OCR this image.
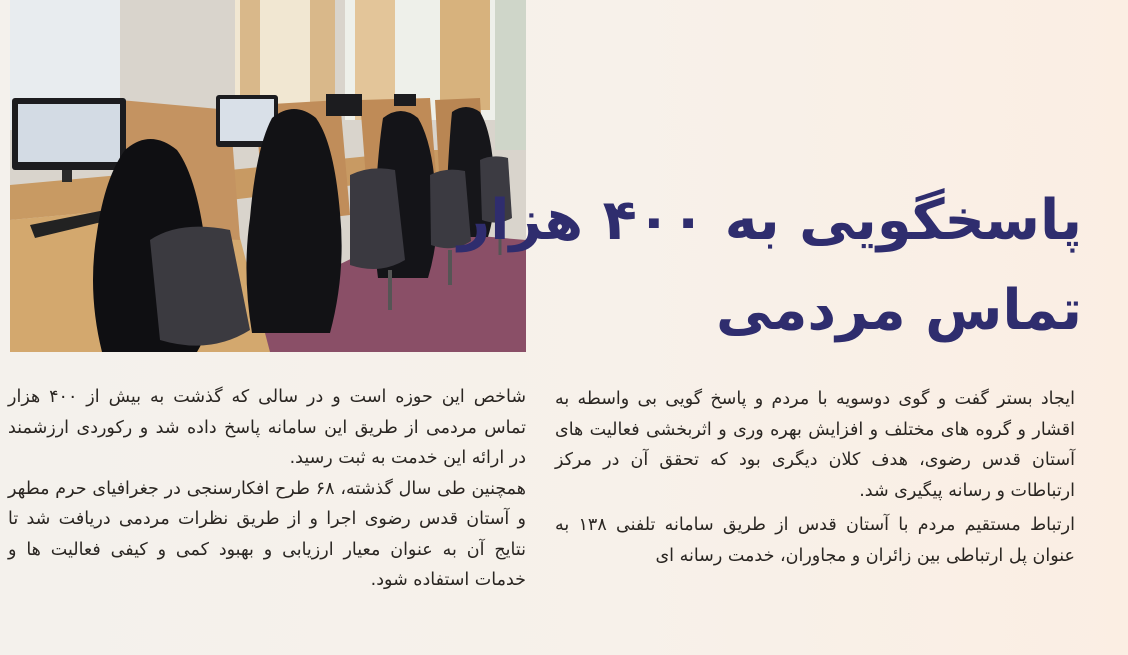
پاسخگویی به ۴۰۰ هزار
تماس مردمی

شاخص این حوزه است و در سالی که گذشت به بیش از ۴۰۰ هزار تماس مردمی از طریق این سامانه پاسخ داده شد و رکوردی ارزشمند در ارائه این خدمت به ثبت رسید.

همچنین طی سال گذشته، ۶۸ طرح افکارسنجی در جغرافیای حرم مطهر و آستان قدس رضوی اجرا و از طریق نظرات مردمی دریافت شد تا نتایج آن به عنوان معیار ارزیابی و بهبود کمی و کیفی فعالیت ها و خدمات استفاده شود.

ایجاد بستر گفت و گوی دوسویه با مردم و پاسخ گویی بی واسطه به اقشار و گروه های مختلف و افزایش بهره وری و اثربخشی فعالیت های آستان قدس رضوی، هدف کلان دیگری بود که تحقق آن در مرکز ارتباطات و رسانه پیگیری شد.

ارتباط مستقیم مردم با آستان قدس از طریق سامانه تلفنی ۱۳۸ به عنوان پل ارتباطی بین زائران و مجاوران، خدمت رسانه ای
